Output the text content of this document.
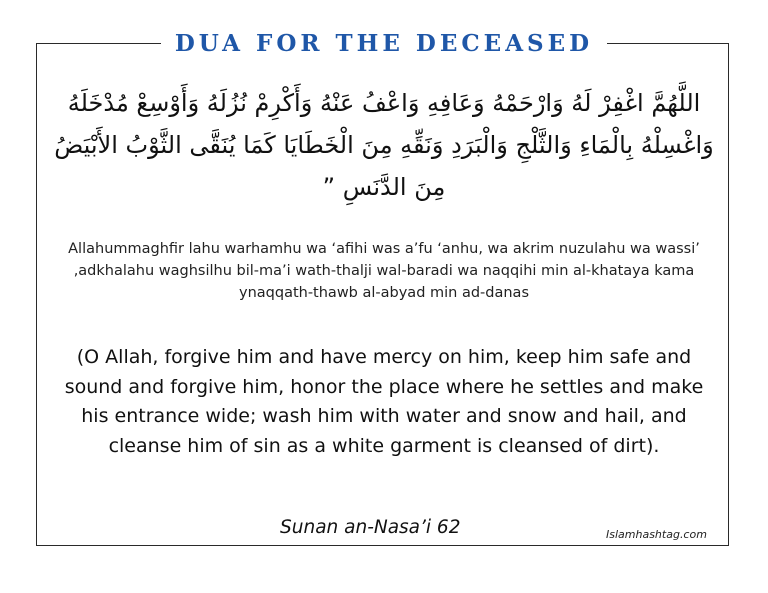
DUA FOR THE DECEASED
اللَّهُمَّ اغْفِرْ لَهُ وَارْحَمْهُ وَعَافِهِ وَاعْفُ عَنْهُ وَأَكْرِمْ نُزُلَهُ وَأَوْسِعْ مُدْخَلَهُ وَاغْسِلْهُ بِالْمَاءِ وَالثَّلْجِ وَالْبَرَدِ وَنَقِّهِ مِنَ الْخَطَايَا كَمَا يُنَقَّى الثَّوْبُ الأَبْيَضُ مِنَ الدَّنَسِ ”
Allahummaghfir lahu warhamhu wa ‘afihi was a’fu ‘anhu, wa akrim nuzulahu wa wassi’ ,adkhalahu waghsilhu bil-ma’i wath-thalji wal-baradi wa naqqihi min al-khataya kama ynaqqath-thawb al-abyad min ad-danas
(O Allah, forgive him and have mercy on him, keep him safe and sound and forgive him, honor the place where he settles and make his entrance wide; wash him with water and snow and hail, and cleanse him of sin as a white garment is cleansed of dirt).
Sunan an-Nasa’i 62	Islamhashtag.com
